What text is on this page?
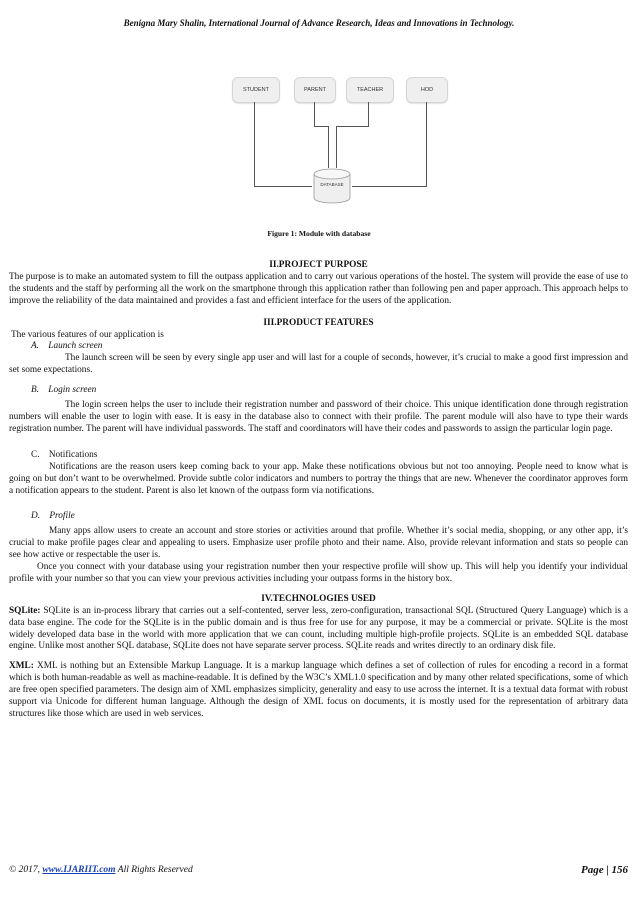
Benigna Mary Shalin, International Journal of Advance Research, Ideas and Innovations in Technology.
STUDENT	PARENT	TEACHER	HOD
DATABASE
Figure 1: Module with database

II.PROJECT PURPOSE

The purpose is to make an automated system to fill the outpass application and to carry out various operations of the hostel. The system will provide the ease of use to the students and the staff by performing all the work on the smartphone through this application rather than following pen and paper approach. This approach helps to improve the reliability of the data maintained and provides a fast and efficient interface for the users of the application.

III.PRODUCT FEATURES

The various features of our application is

A.    Launch screen

The launch screen will be seen by every single app user and will last for a couple of seconds, however, it’s crucial to make a good first impression and set some expectations.

B.    Login screen

The login screen helps the user to include their registration number and password of their choice. This unique identification done through registration numbers will enable the user to login with ease. It is easy in the database also to connect with their profile. The parent module will also have to type their wards registration number. The parent will have individual passwords. The staff and coordinators will have their codes and passwords to assign the particular login page.

C.    Notifications

Notifications are the reason users keep coming back to your app. Make these notifications obvious but not too annoying. People need to know what is going on but don’t want to be overwhelmed. Provide subtle color indicators and numbers to portray the things that are new. Whenever the coordinator approves form a notification appears to the student. Parent is also let known of the outpass form via notifications.

D.    Profile

Many apps allow users to create an account and store stories or activities around that profile. Whether it’s social media, shopping, or any other app, it’s crucial to make profile pages clear and appealing to users. Emphasize user profile photo and their name. Also, provide relevant information and stats so people can see how active or respectable the user is.

Once you connect with your database using your registration number then your respective profile will show up. This will help you identify your individual profile with your number so that you can view your previous activities including your outpass forms in the history box.

IV.TECHNOLOGIES USED

SQLite: SQLite is an in-process library that carries out a self-contented, server less, zero-configuration, transactional SQL (Structured Query Language) which is a data base engine. The code for the SQLite is in the public domain and is thus free for use for any purpose, it may be a commercial or private. SQLite is the most widely developed data base in the world with more application that we can count, including multiple high-profile projects. SQLite is an embedded SQL database engine. Unlike most another SQL database, SQLite does not have separate server process. SQLite reads and writes directly to an ordinary disk file.

XML: XML is nothing but an Extensible Markup Language. It is a markup language which defines a set of collection of rules for encoding a record in a format which is both human-readable as well as machine-readable. It is defined by the W3C’s XML1.0 specification and by many other related specifications, some of which are free open specified parameters. The design aim of XML emphasizes simplicity, generality and easy to use across the internet. It is a textual data format with robust support via Unicode for different human language. Although the design of XML focus on documents, it is mostly used for the representation of arbitrary data structures like those which are used in web services.

© 2017, www.IJARIIT.com All Rights Reserved	Page | 156
